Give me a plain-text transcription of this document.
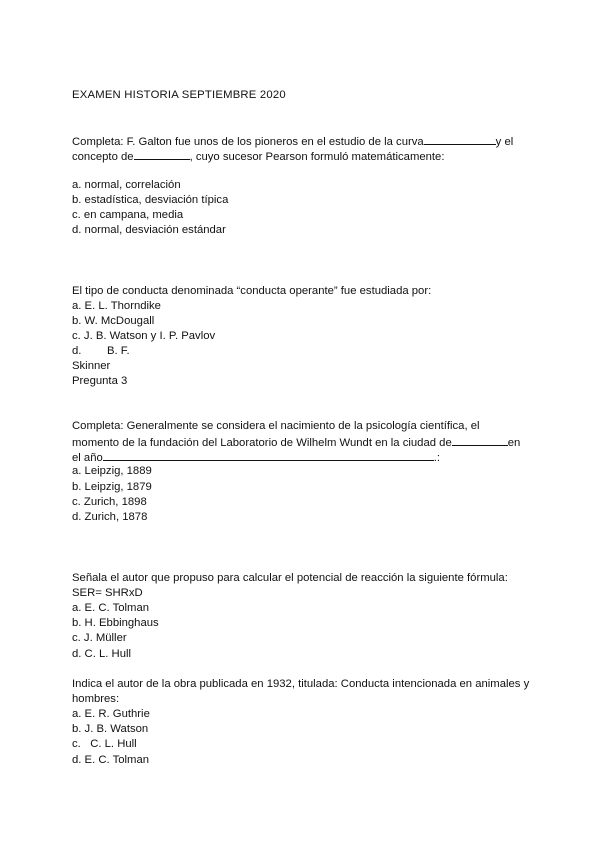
EXAMEN HISTORIA SEPTIEMBRE 2020
Completa: F. Galton fue unos de los pioneros en el estudio de la curva	y el
concepto de	, cuyo sucesor Pearson formuló matemáticamente:
a. normal, correlación
b. estadística, desviación típica
c. en campana, media
d. normal, desviación estándar
El tipo de conducta denominada “conducta operante” fue estudiada por:
a. E. L. Thorndike
b. W. McDougall
c. J. B. Watson y I. P. Pavlov
d. B. F.
Skinner
Pregunta 3
Completa: Generalmente se considera el nacimiento de la psicología científica, el
momento de la fundación del Laboratorio de Wilhelm Wundt en la ciudad de	en
el año	.:
a. Leipzig, 1889
b. Leipzig, 1879
c. Zurich, 1898
d. Zurich, 1878
Señala el autor que propuso para calcular el potencial de reacción la siguiente fórmula:
SER= SHRxD
a. E. C. Tolman
b. H. Ebbinghaus
c. J. Müller
d. C. L. Hull
Indica el autor de la obra publicada en 1932, titulada: Conducta intencionada en animales y
hombres:
a. E. R. Guthrie
b. J. B. Watson
c.   C. L. Hull
d. E. C. Tolman
